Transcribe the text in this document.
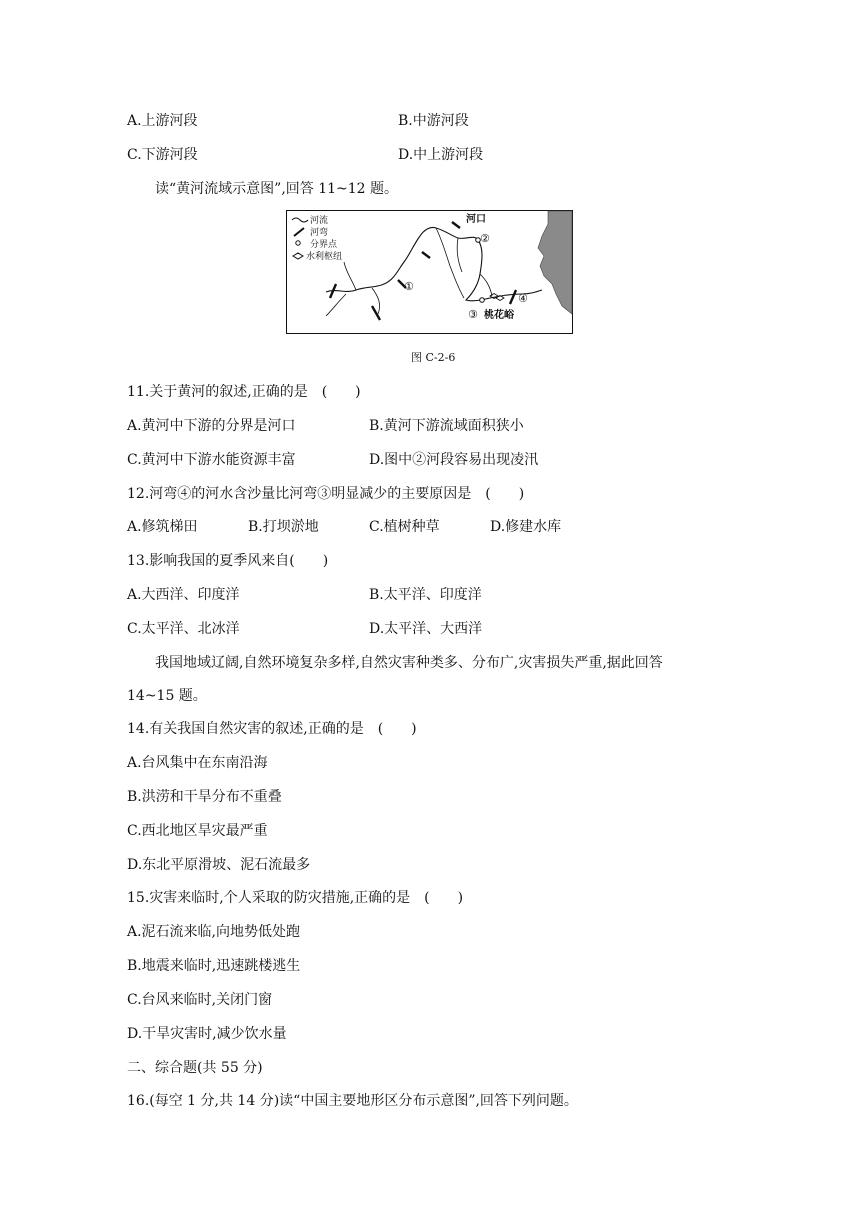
A.上游河段	B.中游河段
C.下游河段	D.中上游河段
读“黄河流域示意图”,回答 11~12 题。
河流
河弯
分界点
水利枢纽
河口
①
②
③
④
桃花峪
图 C-2-6
11.关于黄河的叙述,正确的是　(　　)
A.黄河中下游的分界是河口	B.黄河下游流域面积狭小
C.黄河中下游水能资源丰富	D.图中②河段容易出现凌汛
12.河弯④的河水含沙量比河弯③明显减少的主要原因是　(　　)
A.修筑梯田	B.打坝淤地	C.植树种草	D.修建水库
13.影响我国的夏季风来自(　　)
A.大西洋、印度洋	B.太平洋、印度洋
C.太平洋、北冰洋	D.太平洋、大西洋
我国地域辽阔,自然环境复杂多样,自然灾害种类多、分布广,灾害损失严重,据此回答
14~15 题。
14.有关我国自然灾害的叙述,正确的是　(　　)
A.台风集中在东南沿海
B.洪涝和干旱分布不重叠
C.西北地区旱灾最严重
D.东北平原滑坡、泥石流最多
15.灾害来临时,个人采取的防灾措施,正确的是　(　　)
A.泥石流来临,向地势低处跑
B.地震来临时,迅速跳楼逃生
C.台风来临时,关闭门窗
D.干旱灾害时,减少饮水量
二、综合题(共 55 分)
16.(每空 1 分,共 14 分)读“中国主要地形区分布示意图”,回答下列问题。
